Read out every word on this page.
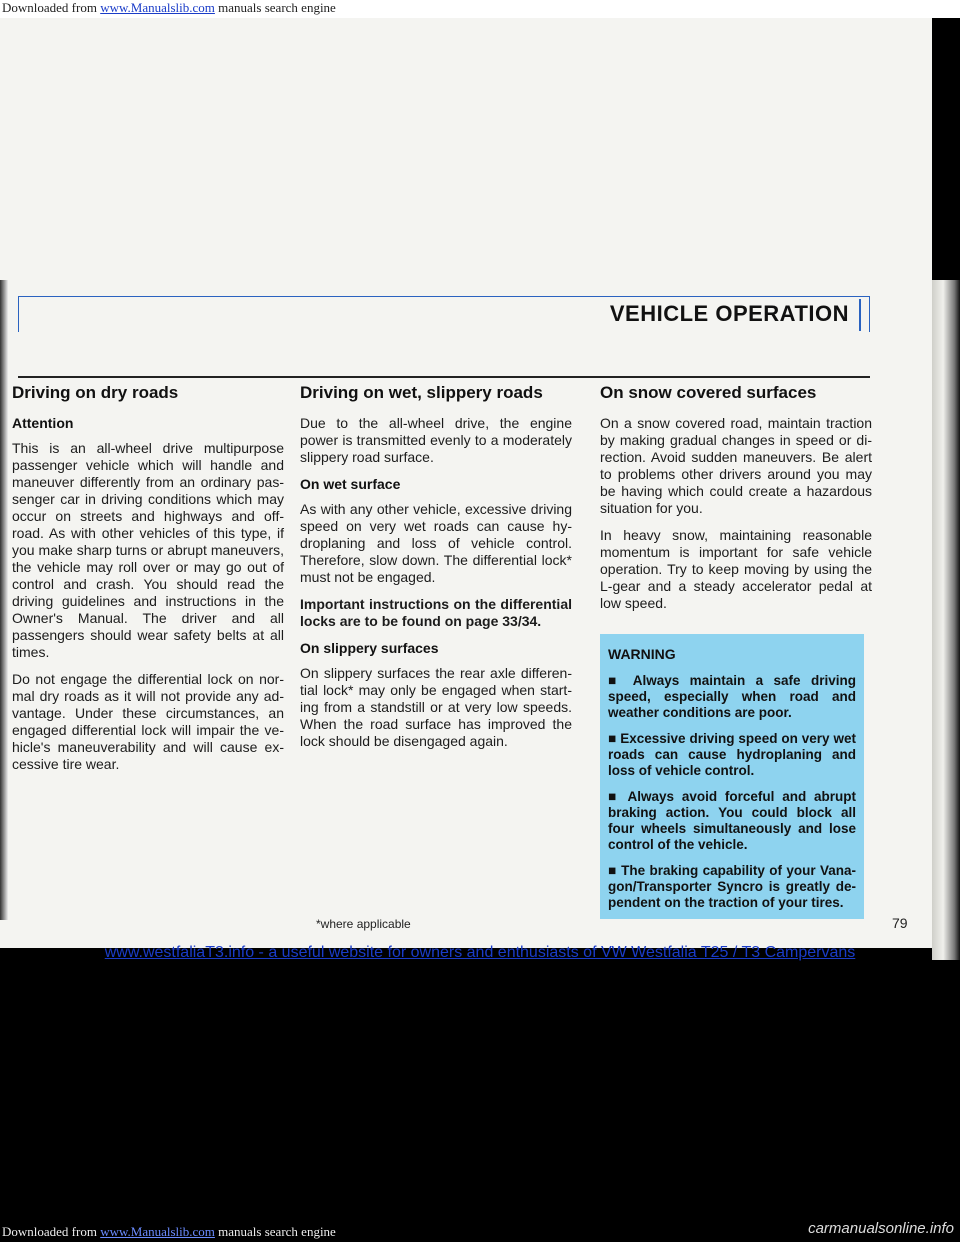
Downloaded from www.Manualslib.com manuals search engine
VEHICLE OPERATION
Driving on dry roads
Attention

This is an all-wheel drive multipurpose passenger vehicle which will handle and maneuver differently from an ordinary passenger car in driving conditions which may occur on streets and highways and off-road. As with other vehicles of this type, if you make sharp turns or abrupt maneuvers, the vehicle may roll over or may go out of control and crash. You should read the driving guidelines and instructions in the Owner's Manual. The driver and all passengers should wear safety belts at all times.

Do not engage the differential lock on normal dry roads as it will not provide any advantage. Under these circumstances, an engaged differential lock will impair the vehicle's maneuverability and will cause excessive tire wear.

Driving on wet, slippery roads

Due to the all-wheel drive, the engine power is transmitted evenly to a moderately slippery road surface.

On wet surface

As with any other vehicle, excessive driving speed on very wet roads can cause hydroplaning and loss of vehicle control. Therefore, slow down. The differential lock* must not be engaged.

Important instructions on the differential locks are to be found on page 33/34.

On slippery surfaces

On slippery surfaces the rear axle differential lock* may only be engaged when starting from a standstill or at very low speeds. When the road surface has improved the lock should be disengaged again.

On snow covered surfaces

On a snow covered road, maintain traction by making gradual changes in speed or direction. Avoid sudden maneuvers. Be alert to problems other drivers around you may be having which could create a hazardous situation for you.

In heavy snow, maintaining reasonable momentum is important for safe vehicle operation. Try to keep moving by using the L-gear and a steady accelerator pedal at low speed.

WARNING

■ Always maintain a safe driving speed, especially when road and weather conditions are poor.

■ Excessive driving speed on very wet roads can cause hydroplaning and loss of vehicle control.

■ Always avoid forceful and abrupt braking action. You could block all four wheels simultaneously and lose control of the vehicle.

■ The braking capability of your Vanagon/Transporter Syncro is greatly dependent on the traction of your tires.

*where applicable	79
www.westfaliaT3.info - a useful website for owners and enthusiasts of VW Westfalia T25 / T3 Campervans
Downloaded from www.Manualslib.com manuals search engine	carmanualsonline.info
